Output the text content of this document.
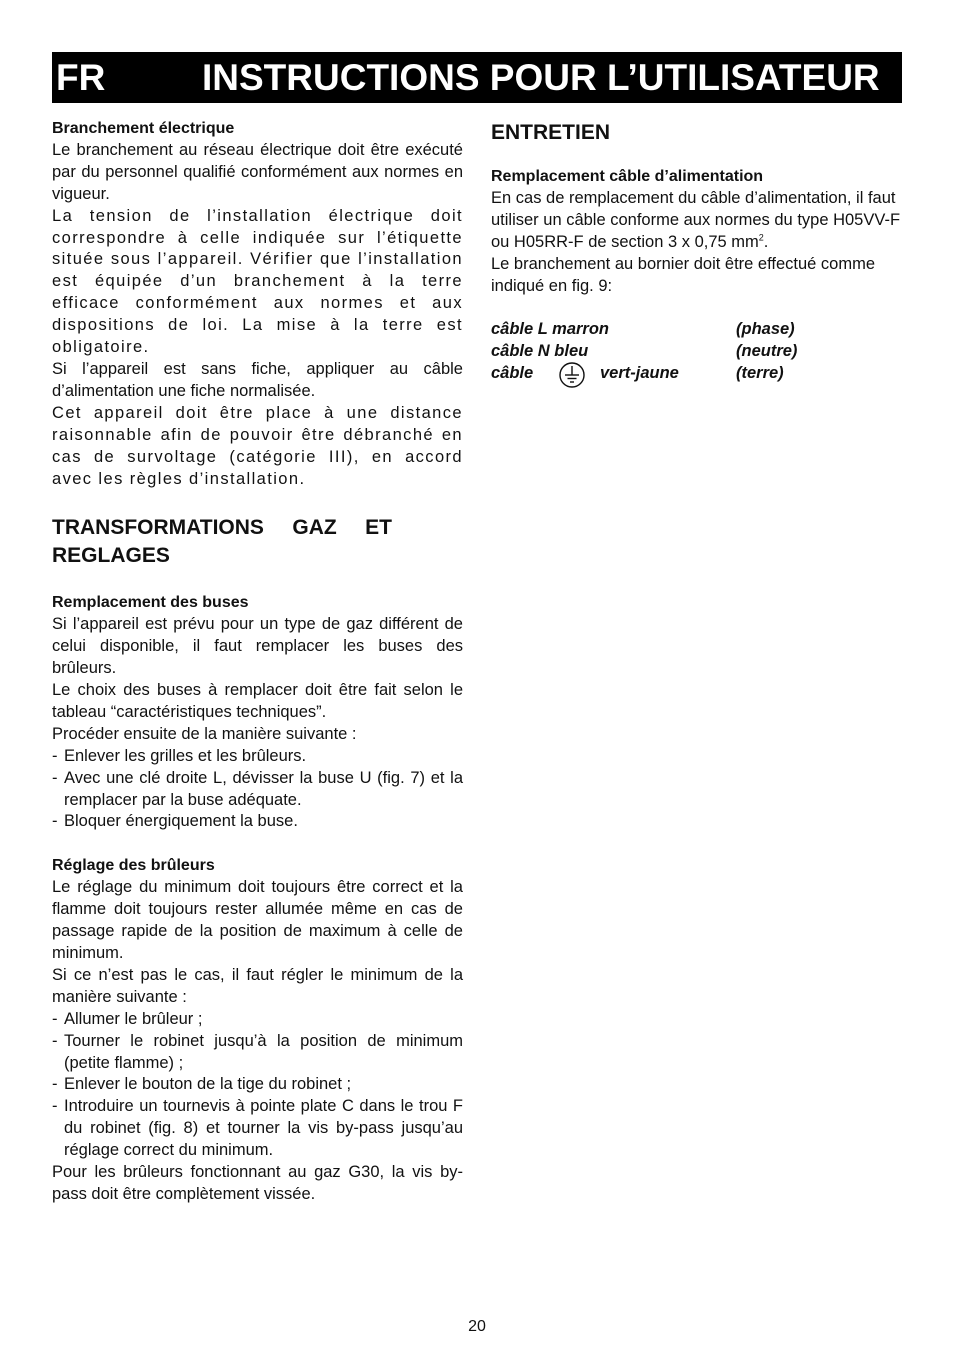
FR	INSTRUCTIONS POUR L’UTILISATEUR

Branchement électrique

Le branchement au réseau électrique doit être exécuté par du personnel qualifié conformément aux normes en vigueur.

La tension de l’installation électrique doit correspondre à celle indiquée sur l’étiquette située sous l’appareil. Vérifier que l’installation est équipée d’un branchement à la terre efficace conformément aux normes et aux dispositions de loi. La mise à la terre est obligatoire.

Si l’appareil est sans fiche, appliquer au câble d’alimentation une fiche normalisée.

Cet appareil doit être place à une distance raisonnable afin de pouvoir être débranché en cas de survoltage (catégorie III), en accord avec les règles d’installation.

TRANSFORMATIONS GAZ ET REGLAGES

Remplacement des buses

Si l’appareil est prévu pour un type de gaz différent de celui disponible, il faut remplacer les buses des brûleurs.

Le choix des buses à remplacer doit être fait selon le tableau “caractéristiques techniques”.

Procéder ensuite de la manière suivante :

- Enlever les grilles et les brûleurs.
- Avec une clé droite L, dévisser la buse U (fig. 7) et la remplacer par la buse adéquate.
- Bloquer énergiquement la buse.

Réglage des brûleurs

Le réglage du minimum doit toujours être correct et la flamme doit toujours rester allumée même en cas de passage rapide de la position de maximum à celle de minimum.

Si ce n’est pas le cas, il faut régler le minimum de la manière suivante :

- Allumer le brûleur ;
- Tourner le robinet jusqu’à la position de minimum (petite flamme) ;
- Enlever le bouton de la tige du robinet ;
- Introduire un tournevis à pointe plate C dans le trou F du robinet (fig. 8) et tourner la vis by-pass jusqu’au réglage correct du minimum.

Pour les brûleurs fonctionnant au gaz G30, la vis by-pass doit être complètement vissée.

ENTRETIEN

Remplacement câble d’alimentation

En cas de remplacement du câble d’alimentation, il faut utiliser un câble conforme aux normes du type H05VV-F ou H05RR-F de section 3 x 0,75 $mm^2$.

Le branchement au bornier doit être effectué comme indiqué en fig. 9:

câble L marron	(phase)
câble N bleu	(neutre)
câble	vert-jaune	(terre)
20
